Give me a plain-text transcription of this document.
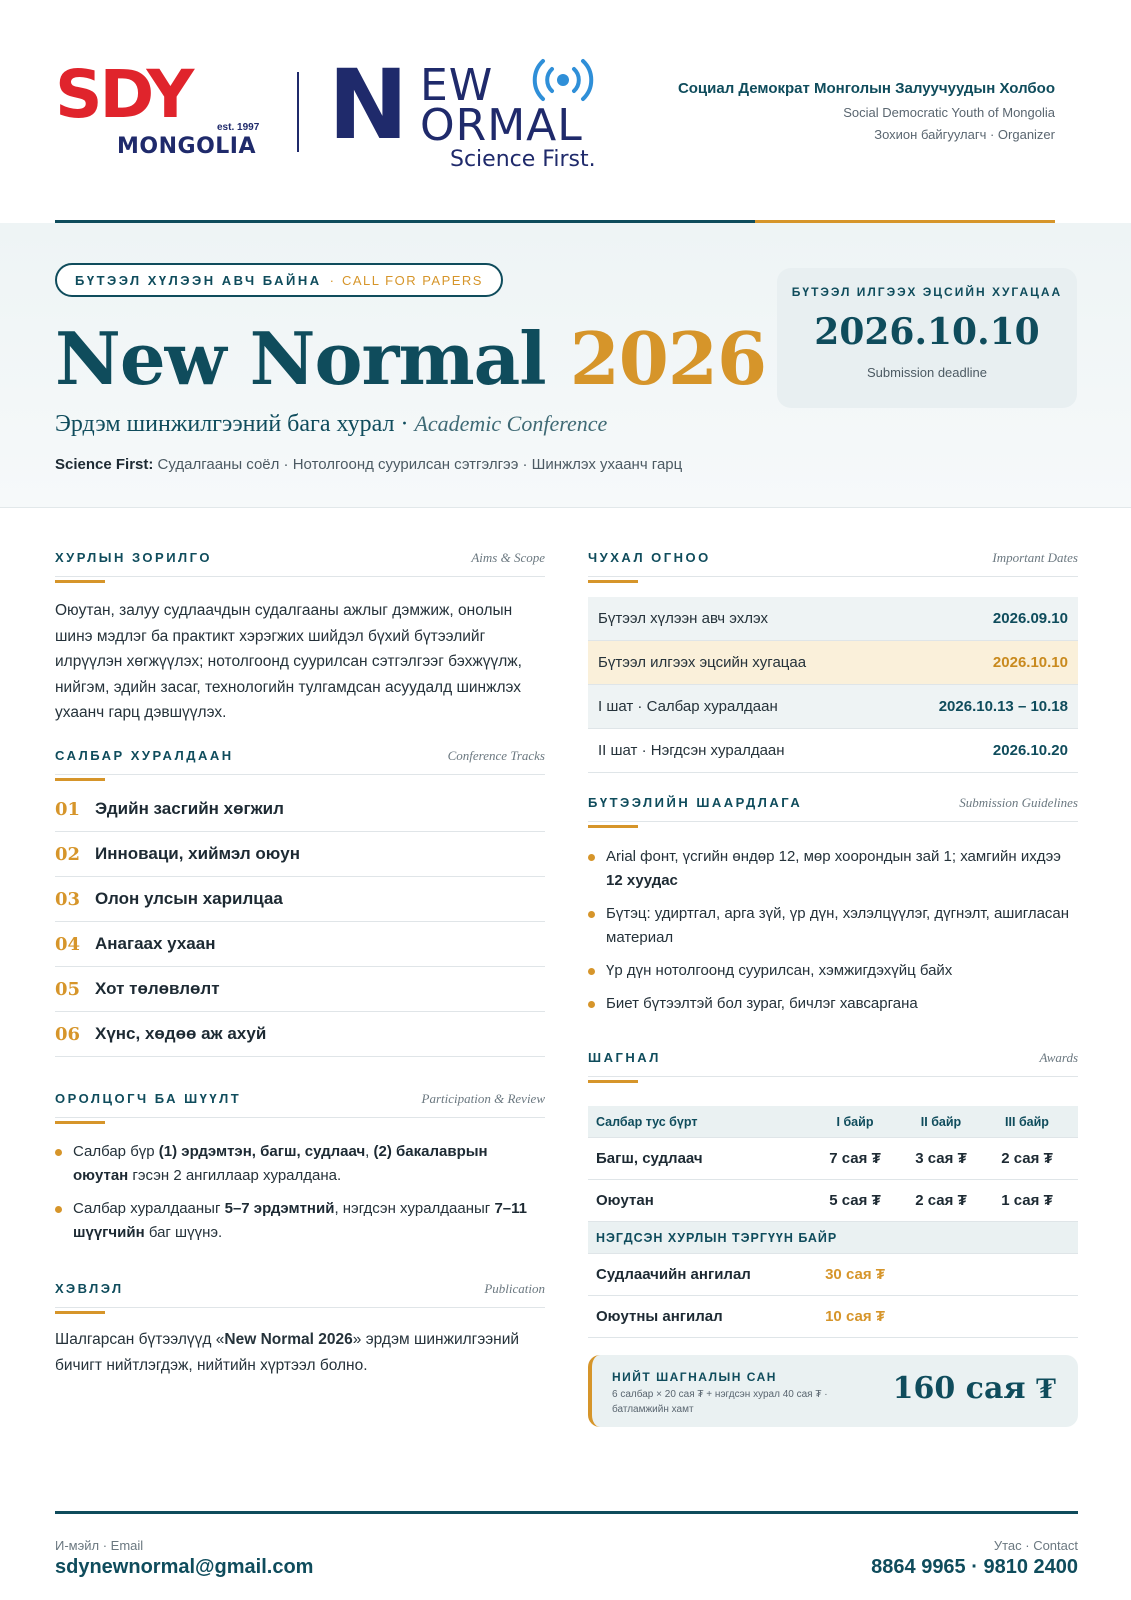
SDY	est. 1997
MONGOLIA N EW
ORMAL
Science First.
Социал Демократ Монголын Залуучуудын Холбоо
Social Democratic Youth of Mongolia
Зохион байгуулагч · Organizer
БҮТЭЭЛ ХҮЛЭЭН АВЧ БАЙНА · CALL FOR PAPERS
New Normal 2026
Эрдэм шинжилгээний бага хурал · Academic Conference
Science First: Судалгааны соёл · Нотолгоонд суурилсан сэтгэлгээ · Шинжлэх ухаанч гарц
БҮТЭЭЛ ИЛГЭЭХ ЭЦСИЙН ХУГАЦАА
2026.10.10
Submission deadline
ХУРЛЫН ЗОРИЛГО	Aims & Scope
Оюутан, залуу судлаачдын судалгааны ажлыг дэмжиж, онолын шинэ мэдлэг ба практикт хэрэгжих шийдэл бүхий бүтээлийг илрүүлэн хөгжүүлэх; нотолгоонд суурилсан сэтгэлгээг бэхжүүлж, нийгэм, эдийн засаг, технологийн тулгамдсан асуудалд шинжлэх ухаанч гарц дэвшүүлэх.
САЛБАР ХУРАЛДААН	Conference Tracks
01 Эдийн засгийн хөгжил
02 Инноваци, хиймэл оюун
03 Олон улсын харилцаа
04 Анагаах ухаан
05 Хот төлөвлөлт
06 Хүнс, хөдөө аж ахуй
ОРОЛЦОГЧ БА ШҮҮЛТ	Participation & Review
Салбар бүр (1) эрдэмтэн, багш, судлаач, (2) бакалаврын оюутан гэсэн 2 ангиллаар хуралдана.
Салбар хуралдааныг 5–7 эрдэмтний, нэгдсэн хуралдааныг 7–11 шүүгчийн баг шүүнэ.
ХЭВЛЭЛ	Publication
Шалгарсан бүтээлүүд «New Normal 2026» эрдэм шинжилгээний бичигт нийтлэгдэж, нийтийн хүртээл болно.
ЧУХАЛ ОГНОО	Important Dates
Бүтээл хүлээн авч эхлэх	2026.09.10
Бүтээл илгээх эцсийн хугацаа	2026.10.10
I шат · Салбар хуралдаан	2026.10.13 – 10.18
II шат · Нэгдсэн хуралдаан	2026.10.20
БҮТЭЭЛИЙН ШААРДЛАГА	Submission Guidelines
Arial фонт, үсгийн өндөр 12, мөр хоорондын зай 1; хамгийн ихдээ 12 хуудас
Бүтэц: удиртгал, арга зүй, үр дүн, хэлэлцүүлэг, дүгнэлт, ашигласан материал
Үр дүн нотолгоонд суурилсан, хэмжигдэхүйц байх
Биет бүтээлтэй бол зураг, бичлэг хавсаргана
ШАГНАЛ	Awards
Салбар тус бүрт	I байр	II байр	III байр
Багш, судлаач	7 сая ₮	3 сая ₮	2 сая ₮
Оюутан	5 сая ₮	2 сая ₮	1 сая ₮
НЭГДСЭН ХУРЛЫН ТЭРГҮҮН БАЙР
Судлаачийн ангилал	30 сая ₮
Оюутны ангилал	10 сая ₮
НИЙТ ШАГНАЛЫН САН
6 салбар × 20 сая ₮ + нэгдсэн хурал 40 сая ₮ · батламжийн хамт
160 сая ₮
И-мэйл · Email
sdynewnormal@gmail.com
Утас · Contact
8864 9965 · 9810 2400
